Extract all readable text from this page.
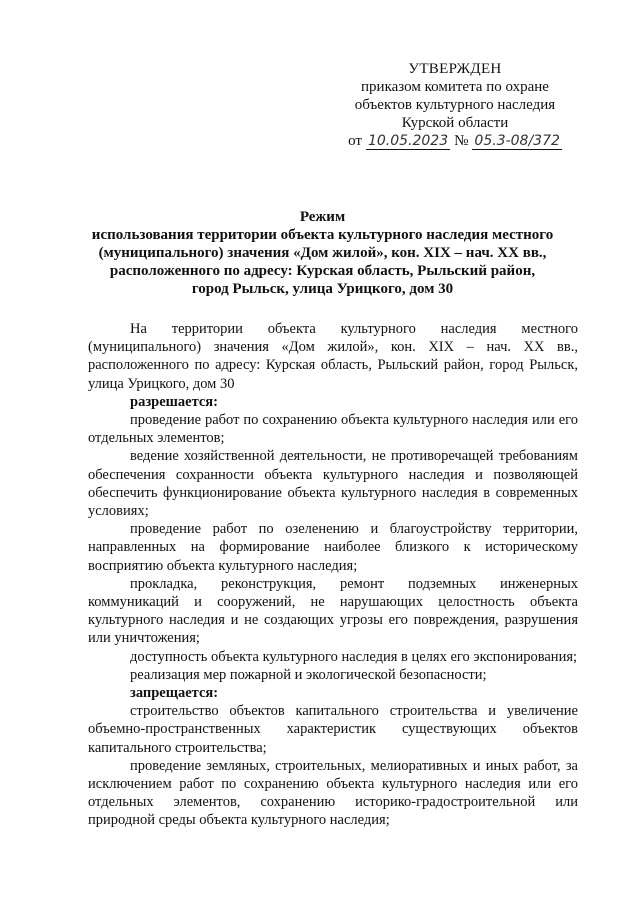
УТВЕРЖДЕН
приказом комитета по охране
объектов культурного наследия
Курской области
от 10.05.2023 № 05.3-08/372
Режим
использования территории объекта культурного наследия местного
(муниципального) значения «Дом жилой», кон. XIX – нач. XX вв.,
расположенного по адресу: Курская область, Рыльский район,
город Рыльск, улица Урицкого, дом 30

На территории объекта культурного наследия местного (муниципального) значения «Дом жилой», кон. XIX – нач. XX вв., расположенного по адресу: Курская область, Рыльский район, город Рыльск, улица Урицкого, дом 30

разрешается:

проведение работ по сохранению объекта культурного наследия или его отдельных элементов;

ведение хозяйственной деятельности, не противоречащей требованиям обеспечения сохранности объекта культурного наследия и позволяющей обеспечить функционирование объекта культурного наследия в современных условиях;

проведение работ по озеленению и благоустройству территории, направленных на формирование наиболее близкого к историческому восприятию объекта культурного наследия;

прокладка, реконструкция, ремонт подземных инженерных коммуникаций и сооружений, не нарушающих целостность объекта культурного наследия и не создающих угрозы его повреждения, разрушения или уничтожения;

доступность объекта культурного наследия в целях его экспонирования;

реализация мер пожарной и экологической безопасности;

запрещается:

строительство объектов капитального строительства и увеличение объемно-пространственных характеристик существующих объектов капитального строительства;

проведение земляных, строительных, мелиоративных и иных работ, за исключением работ по сохранению объекта культурного наследия или его отдельных элементов, сохранению историко-градостроительной или природной среды объекта культурного наследия;
